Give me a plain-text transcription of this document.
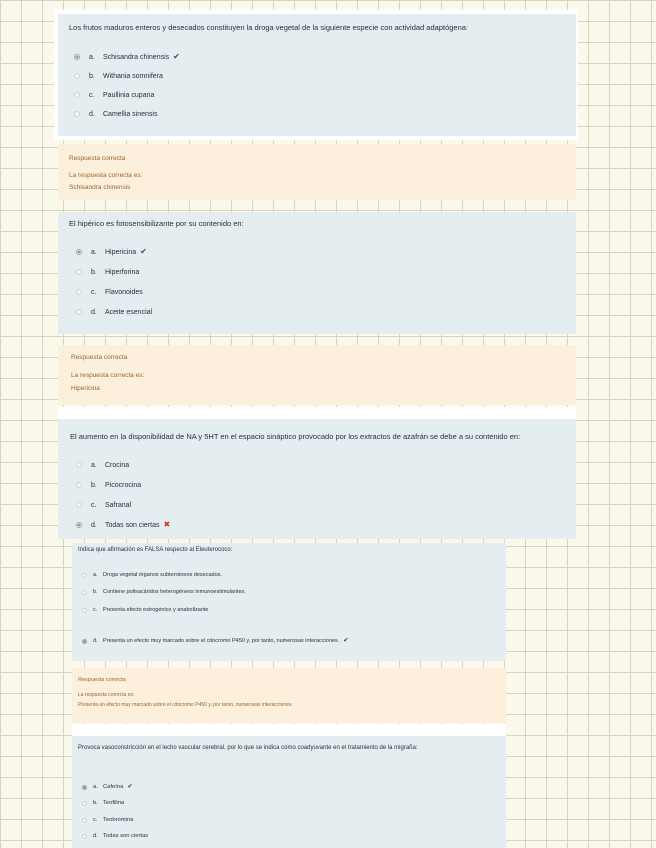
Los frutos maduros enteros y desecados constituyen la droga vegetal de la siguiente especie con actividad adaptógena:
a.	Schisandra chinensis ✔
b.	Withania somnifera
c.	Paullinia cupana
d.	Camellia sinensis
Respuesta correcta
La respuesta correcta es:
Schisandra chinensis
El hipérico es fotosensibilizante por su contenido en:
a.	Hipericina ✔
b.	Hiperforina
c.	Flavonoides
d.	Aceite esencial
Respuesta correcta
La respuesta correcta es:
Hipericina
El aumento en la disponibilidad de NA y 5HT en el espacio sináptico provocado por los extractos de azafrán se debe a su contenido en:
a.	Crocina
b.	Picocrocina
c.	Safranal
d.	Todas son ciertas ✖
Indica que afirmación es FALSA respecto al Eleuterococo:
a. Droga vegetal órganos subterráneos desecados.
b. Contiene polisacáridos heterogéneos inmunoestimulantes.
c.	Presenta efecto estrogénico y anabolizante
d. Presenta un efecto muy marcado sobre el citocromo P450 y, por tanto, numerosas interacciones. ✔
Respuesta correcta
La respuesta correcta es:
Presenta un efecto muy marcado sobre el citocromo P450 y, por tanto, numerosas interacciones.
Provoca vasoconstricción en el lecho vascular cerebral, por lo que se indica como coadyuvante en el tratamiento de la migraña:
a. Cafeína ✔
b. Teofilina
c. Teobromina
d. Todas son ciertas
